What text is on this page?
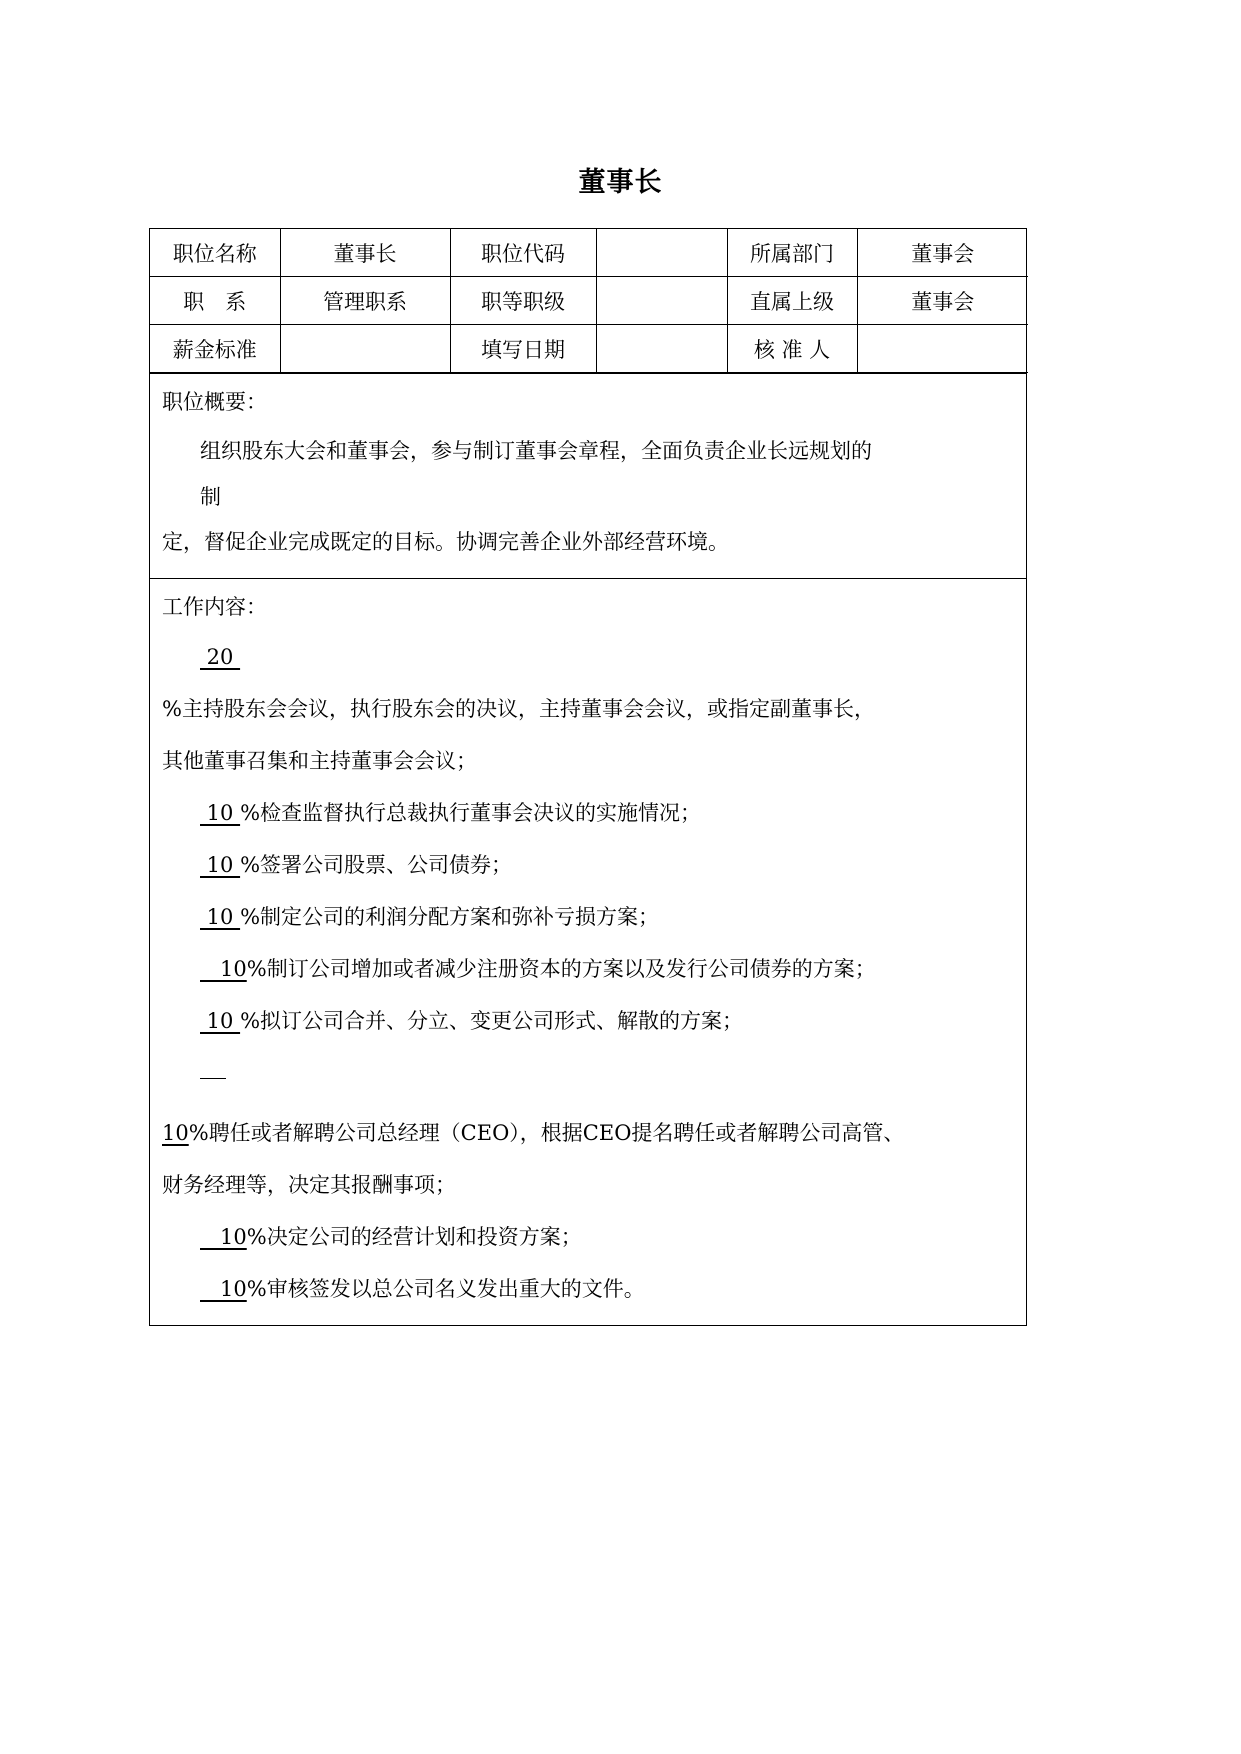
董事长
职位名称	董事长	职位代码		所属部门	董事会
职　系	管理职系	职等职级		直属上级	董事会
薪金标准		填写日期		核 准 人	

职位概要：

组织股东大会和董事会，参与制订董事会章程，全面负责企业长远规划的

制

定，督促企业完成既定的目标。协调完善企业外部经营环境。

工作内容：

20

%主持股东会会议，执行股东会的决议，主持董事会会议，或指定副董事长，

其他董事召集和主持董事会会议；

10 %检查监督执行总裁执行董事会决议的实施情况；

10 %签署公司股票、公司债券；

10 %制定公司的利润分配方案和弥补亏损方案；

10%制订公司增加或者减少注册资本的方案以及发行公司债券的方案；

10 %拟订公司合并、分立、变更公司形式、解散的方案；

10%聘任或者解聘公司总经理（CEO），根据CEO提名聘任或者解聘公司高管、

财务经理等，决定其报酬事项；

10%决定公司的经营计划和投资方案；

10%审核签发以总公司名义发出重大的文件。
